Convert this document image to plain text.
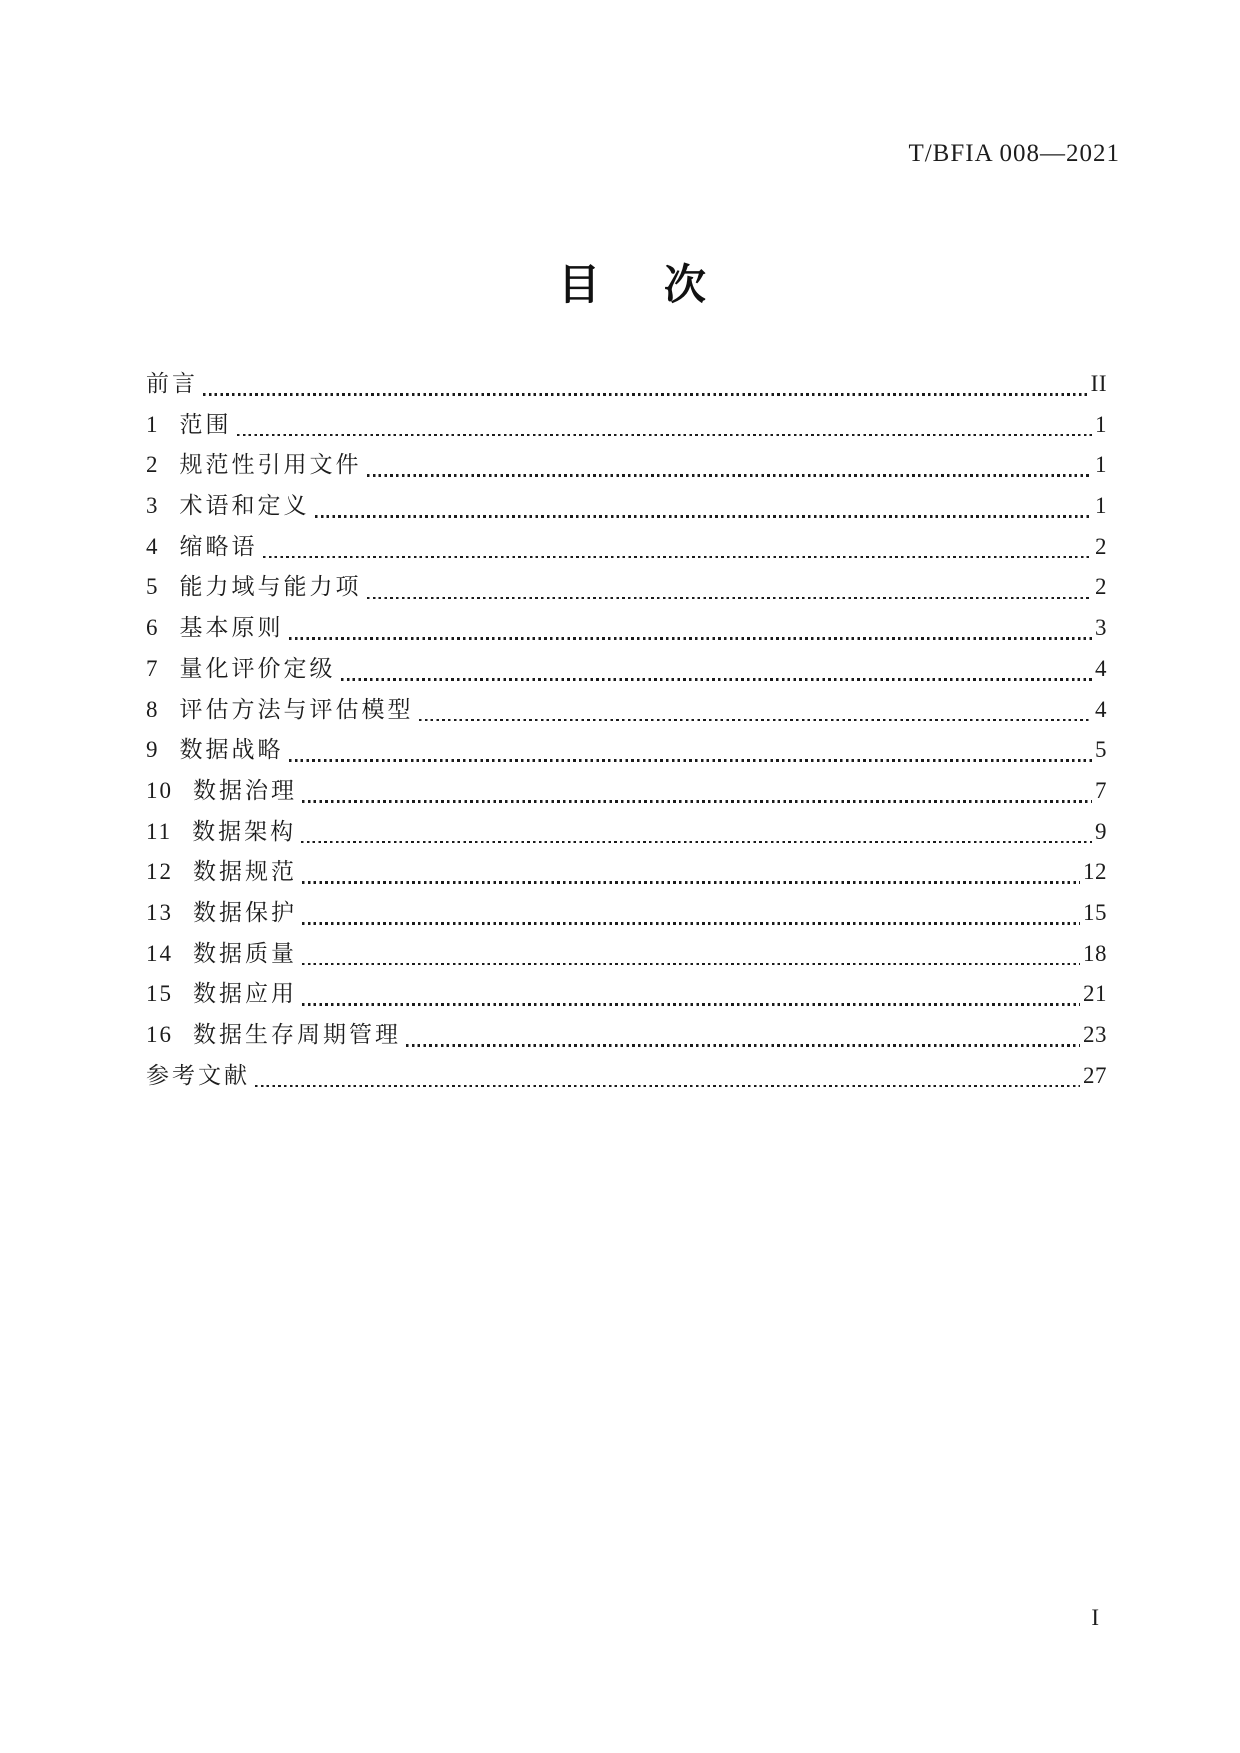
T/BFIA 008—2021
目 次
前言	II
1 范围	1
2 规范性引用文件	1
3 术语和定义	1
4 缩略语	2
5 能力域与能力项	2
6 基本原则	3
7 量化评价定级	4
8 评估方法与评估模型	4
9 数据战略	5
10 数据治理	7
11 数据架构	9
12 数据规范	12
13 数据保护	15
14 数据质量	18
15 数据应用	21
16 数据生存周期管理	23
参考文献	27
I
